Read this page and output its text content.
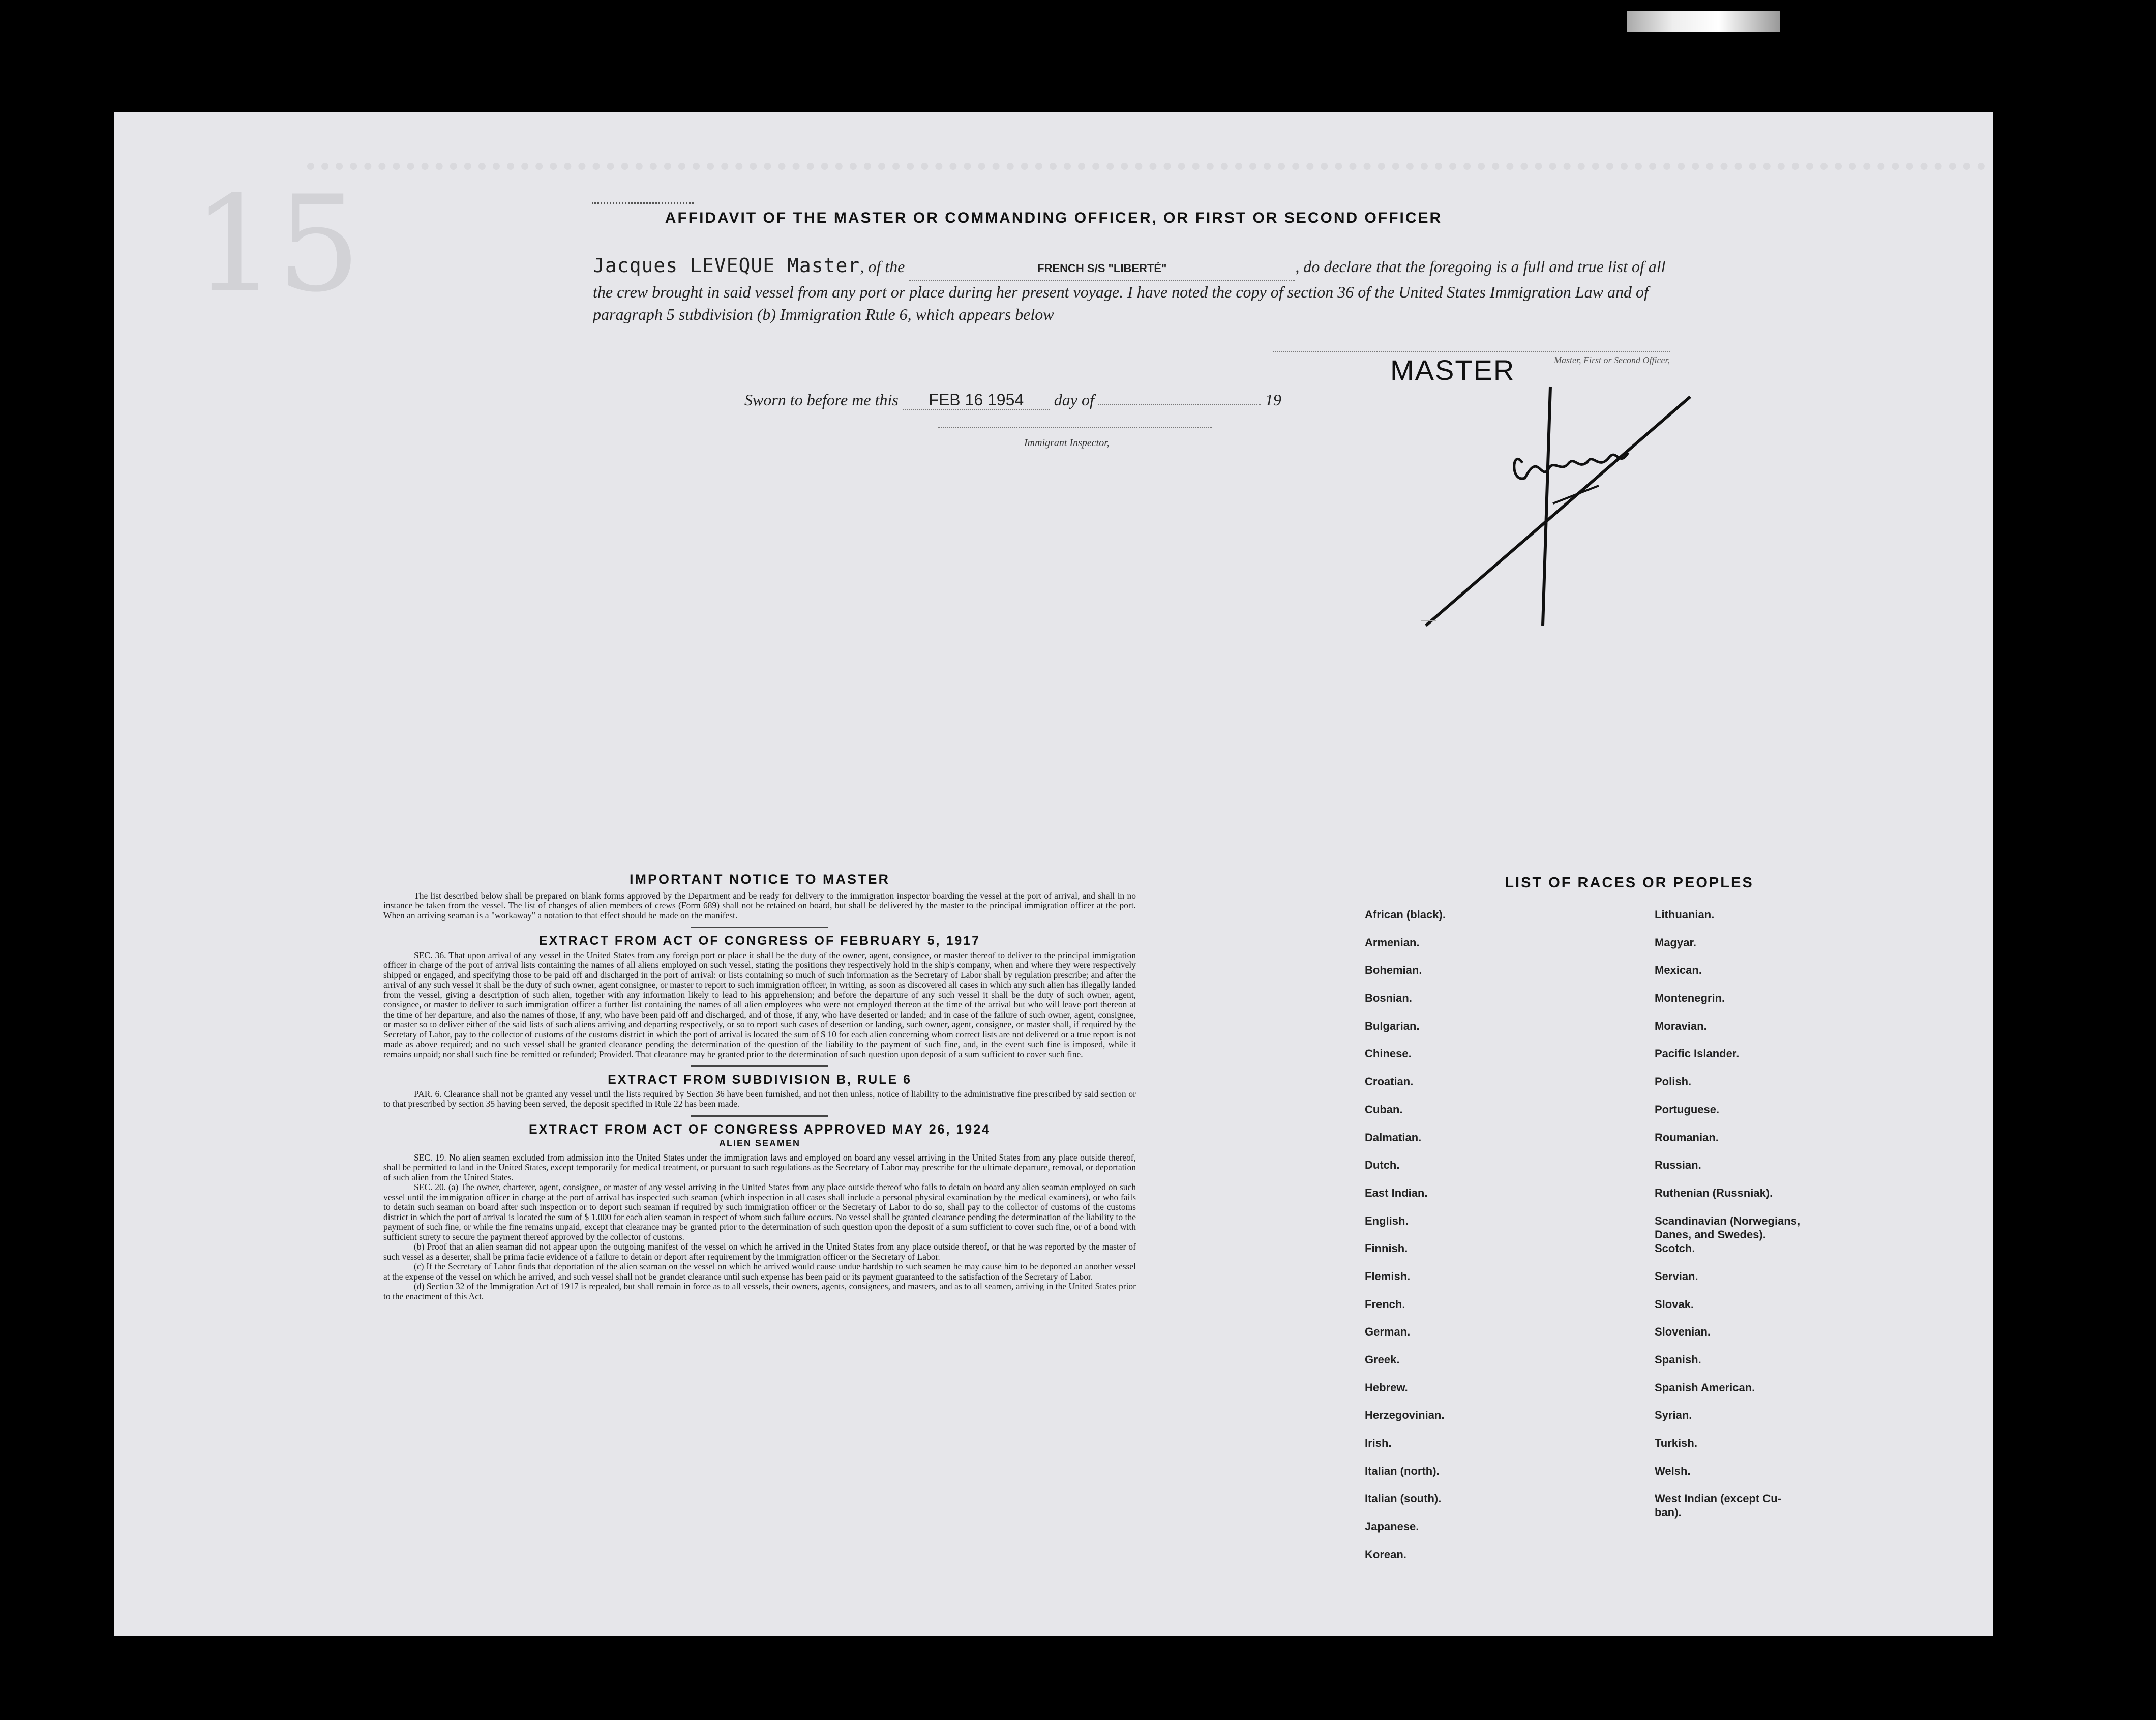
15	AFFIDAVIT OF THE MASTER OR COMMANDING OFFICER, OR FIRST OR SECOND OFFICER
Jacques LEVEQUE Master, of the	FRENCH S/S "LIBERTÉ"	, do declare that the foregoing is a full and true list of all the crew brought in said vessel from any port or place during her present voyage. I have noted the copy of section 36 of the United States Immigration Law and of paragraph 5 subdivision (b) Immigration Rule 6, which appears below
Master, First or Second Officer,
MASTER
Sworn to before me this FEB 16 1954 day of	19
Immigrant Inspector,
IMPORTANT NOTICE TO MASTER

The list described below shall be prepared on blank forms approved by the Department and be ready for delivery to the immigration inspector boarding the vessel at the port of arrival, and shall in no instance be taken from the vessel. The list of changes of alien members of crews (Form 689) shall not be retained on board, but shall be delivered by the master to the principal immigration officer at the port. When an arriving seaman is a "workaway" a notation to that effect should be made on the manifest.

EXTRACT FROM ACT OF CONGRESS OF FEBRUARY 5, 1917

SEC. 36. That upon arrival of any vessel in the United States from any foreign port or place it shall be the duty of the owner, agent, consignee, or master thereof to deliver to the principal immigration officer in charge of the port of arrival lists containing the names of all aliens employed on such vessel, stating the positions they respectively hold in the ship's company, when and where they were respectively shipped or engaged, and specifying those to be paid off and discharged in the port of arrival: or lists containing so much of such information as the Secretary of Labor shall by regulation prescribe; and after the arrival of any such vessel it shall be the duty of such owner, agent consignee, or master to report to such immigration officer, in writing, as soon as discovered all cases in which any such alien has illegally landed from the vessel, giving a description of such alien, together with any information likely to lead to his apprehension; and before the departure of any such vessel it shall be the duty of such owner, agent, consignee, or master to deliver to such immigration officer a further list containing the names of all alien employees who were not employed thereon at the time of the arrival but who will leave port thereon at the time of her departure, and also the names of those, if any, who have been paid off and discharged, and of those, if any, who have deserted or landed; and in case of the failure of such owner, agent, consignee, or master so to deliver either of the said lists of such aliens arriving and departing respectively, or so to report such cases of desertion or landing, such owner, agent, consignee, or master shall, if required by the Secretary of Labor, pay to the collector of customs of the customs district in which the port of arrival is located the sum of $ 10 for each alien concerning whom correct lists are not delivered or a true report is not made as above required; and no such vessel shall be granted clearance pending the determination of the question of the liability to the payment of such fine, and, in the event such fine is imposed, while it remains unpaid; nor shall such fine be remitted or refunded; Provided. That clearance may be granted prior to the determination of such question upon deposit of a sum sufficient to cover such fine.

EXTRACT FROM SUBDIVISION B, RULE 6

PAR. 6. Clearance shall not be granted any vessel until the lists required by Section 36 have been furnished, and not then unless, notice of liability to the administrative fine prescribed by said section or to that prescribed by section 35 having been served, the deposit specified in Rule 22 has been made.

EXTRACT FROM ACT OF CONGRESS APPROVED MAY 26, 1924
ALIEN SEAMEN

SEC. 19. No alien seamen excluded from admission into the United States under the immigration laws and employed on board any vessel arriving in the United States from any place outside thereof, shall be permitted to land in the United States, except temporarily for medical treatment, or pursuant to such regulations as the Secretary of Labor may prescribe for the ultimate departure, removal, or deportation of such alien from the United States.

SEC. 20. (a) The owner, charterer, agent, consignee, or master of any vessel arriving in the United States from any place outside thereof who fails to detain on board any alien seaman employed on such vessel until the immigration officer in charge at the port of arrival has inspected such seaman (which inspection in all cases shall include a personal physical examination by the medical examiners), or who fails to detain such seaman on board after such inspection or to deport such seaman if required by such immigration officer or the Secretary of Labor to do so, shall pay to the collector of customs of the customs district in which the port of arrival is located the sum of $ 1.000 for each alien seaman in respect of whom such failure occurs. No vessel shall be granted clearance pending the determination of the liability to the payment of such fine, or while the fine remains unpaid, except that clearance may be granted prior to the determination of such question upon the deposit of a sum sufficient to cover such fine, or of a bond with sufficient surety to secure the payment thereof approved by the collector of customs.

(b) Proof that an alien seaman did not appear upon the outgoing manifest of the vessel on which he arrived in the United States from any place outside thereof, or that he was reported by the master of such vessel as a deserter, shall be prima facie evidence of a failure to detain or deport after requirement by the immigration officer or the Secretary of Labor.

(c) If the Secretary of Labor finds that deportation of the alien seaman on the vessel on which he arrived would cause undue hardship to such seamen he may cause him to be deported an another vessel at the expense of the vessel on which he arrived, and such vessel shall not be grandet clearance until such expense has been paid or its payment guaranteed to the satisfaction of the Secretary of Labor.

(d) Section 32 of the Immigration Act of 1917 is repealed, but shall remain in force as to all vessels, their owners, agents, consignees, and masters, and as to all seamen, arriving in the United States prior to the enactment of this Act.

LIST OF RACES OR PEOPLES
African (black).
Armenian.
Bohemian.
Bosnian.
Bulgarian.
Chinese.
Croatian.
Cuban.
Dalmatian.
Dutch.
East Indian.
English.
Finnish.
Flemish.
French.
German.
Greek.
Hebrew.
Herzegovinian.
Irish.
Italian (north).
Italian (south).
Japanese.
Korean.
Lithuanian.
Magyar.
Mexican.
Montenegrin.
Moravian.
Pacific Islander.
Polish.
Portuguese.
Roumanian.
Russian.
Ruthenian (Russniak).
Scandinavian (Norwegians,
Danes, and Swedes).
Scotch.
Servian.
Slovak.
Slovenian.
Spanish.
Spanish American.
Syrian.
Turkish.
Welsh.
West Indian (except Cu-
ban).
